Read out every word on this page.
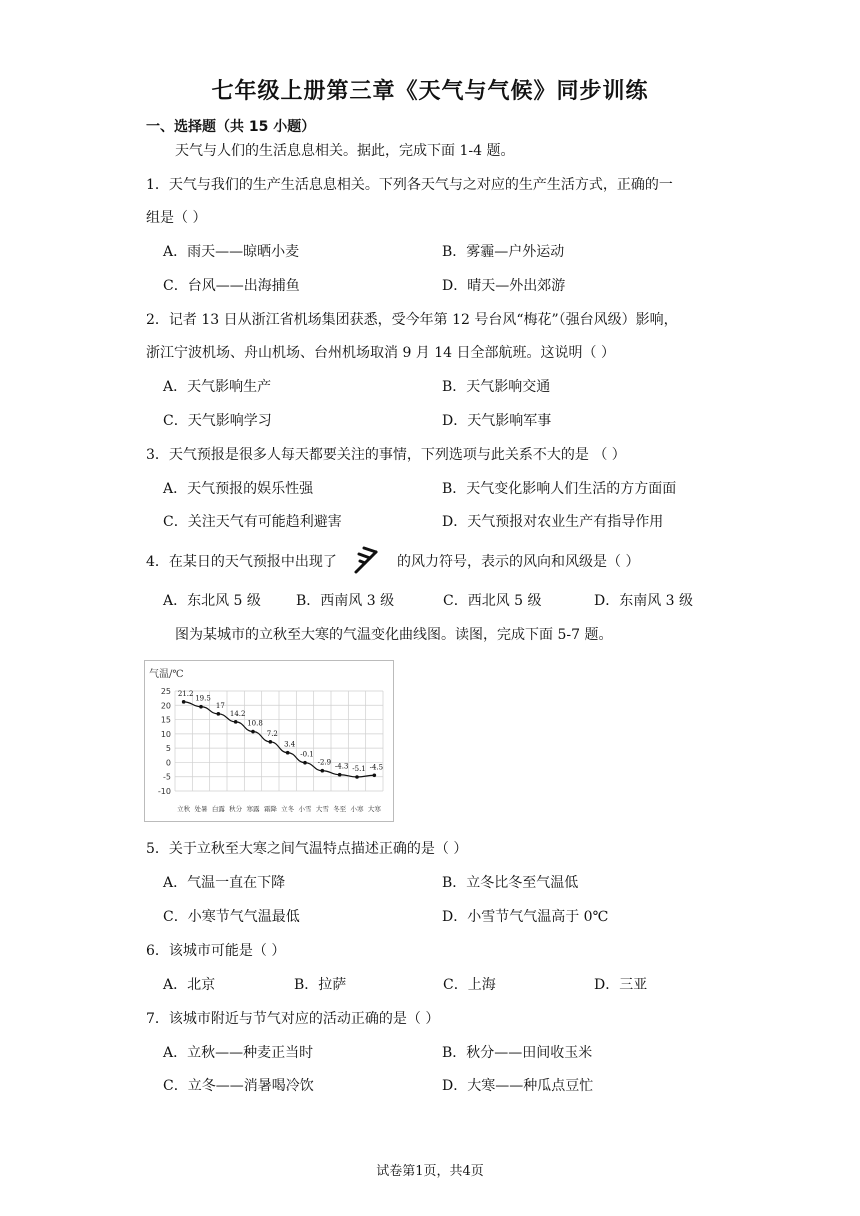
七年级上册第三章《天气与气候》同步训练
一、选择题（共 15 小题）
天气与人们的生活息息相关。据此，完成下面 1-4 题。
1．天气与我们的生产生活息息相关。下列各天气与之对应的生产生活方式，正确的一
组是（ ）
A．雨天——晾晒小麦	B．雾霾—户外运动
C．台风——出海捕鱼	D．晴天—外出郊游
2．记者 13 日从浙江省机场集团获悉，受今年第 12 号台风“梅花”（强台风级）影响，
浙江宁波机场、舟山机场、台州机场取消 9 月 14 日全部航班。这说明（ ）
A．天气影响生产	B．天气影响交通
C．天气影响学习	D．天气影响军事
3．天气预报是很多人每天都要关注的事情，下列选项与此关系不大的是 （ ）
A．天气预报的娱乐性强	B．天气变化影响人们生活的方方面面
C．关注天气有可能趋利避害	D．天气预报对农业生产有指导作用
4．在某日的天气预报中出现了	的风力符号，表示的风向和风级是（ ）
A．东北风 5 级	B．西南风 3 级	C．西北风 5 级	D．东南风 3 级
图为某城市的立秋至大寒的气温变化曲线图。读图，完成下面 5-7 题。
气温/℃
25
20
15
10
5
0
-5
-10
立秋 处暑 白露 秋分 寒露 霜降 立冬 小雪 大雪 冬至 小寒 大寒
21.2
19.5
17
14.2
10.8
7.2
3.4
-0.1
-2.9 -4.3 -5.1 -4.5
5．关于立秋至大寒之间气温特点描述正确的是（ ）
A．气温一直在下降	B．立冬比冬至气温低
C．小寒节气气温最低	D．小雪节气气温高于 0℃
6．该城市可能是（ ）
A．北京	B．拉萨	C．上海	D．三亚
7．该城市附近与节气对应的活动正确的是（ ）
A．立秋——种麦正当时	B．秋分——田间收玉米
C．立冬——消暑喝冷饮	D．大寒——种瓜点豆忙
试卷第1页，共4页
